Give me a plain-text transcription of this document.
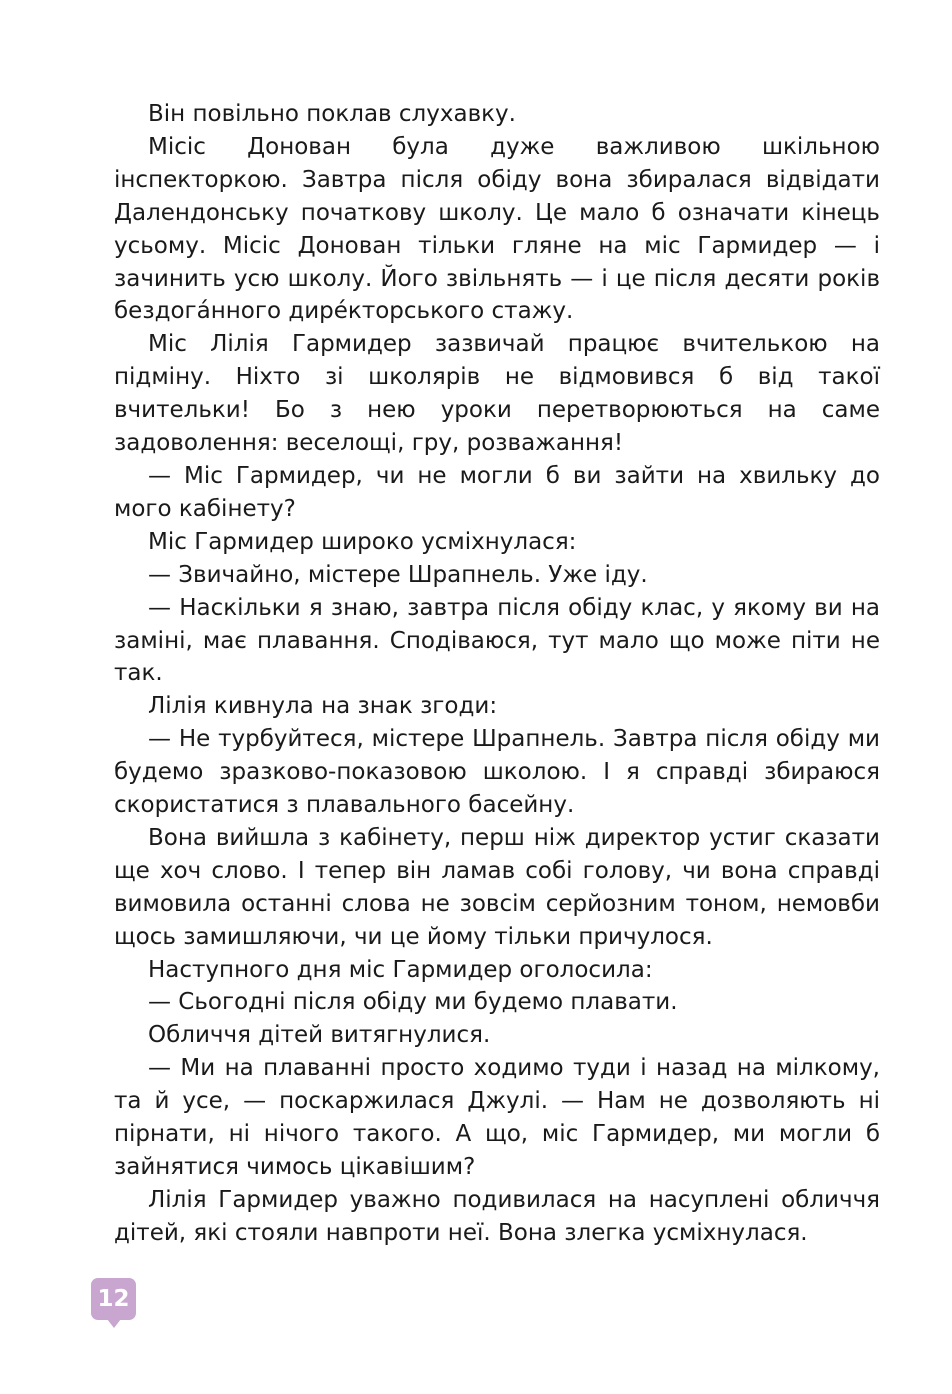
Він повільно поклав слухавку.

Місіс Донован була дуже важливою шкільною інспекторкою. Завтра після обіду вона збиралася відвідати Далендонську початкову школу. Це мало б означати кінець усьому. Місіс Донован тільки гляне на міс Гармидер — і зачинить усю школу. Його звільнять — і це після десяти років бездога́нного дире́кторського стажу.

Міс Лілія Гармидер зазвичай працює вчителькою на підміну. Ніхто зі школярів не відмовився б від такої вчительки! Бо з нею уроки перетворюються на саме задоволення: веселощі, гру, розважання!

— Міс Гармидер, чи не могли б ви зайти на хвильку до мого кабінету?

Міс Гармидер широко усміхнулася:

— Звичайно, містере Шрапнель. Уже іду.

— Наскільки я знаю, завтра після обіду клас, у якому ви на заміні, має плавання. Сподіваюся, тут мало що може піти не так.

Лілія кивнула на знак згоди:

— Не турбуйтеся, містере Шрапнель. Завтра після обіду ми будемо зразково-показовою школою. І я справді збираюся скористатися з плавального басейну.

Вона вийшла з кабінету, перш ніж директор устиг сказати ще хоч слово. І тепер він ламав собі голову, чи вона справді вимовила останні слова не зовсім серйозним тоном, немовби щось замишляючи, чи це йому тільки причулося.

Наступного дня міс Гармидер оголосила:

— Сьогодні після обіду ми будемо плавати.

Обличчя дітей витягнулися.

— Ми на плаванні просто ходимо туди і назад на мілкому, та й усе, — поскаржилася Джулі. — Нам не дозволяють ні пірнати, ні нічого такого. А що, міс Гармидер, ми могли б зайнятися чимось цікавішим?

Лілія Гармидер уважно подивилася на насуплені обличчя дітей, які стояли навпроти неї. Вона злегка усміхнулася.

12
